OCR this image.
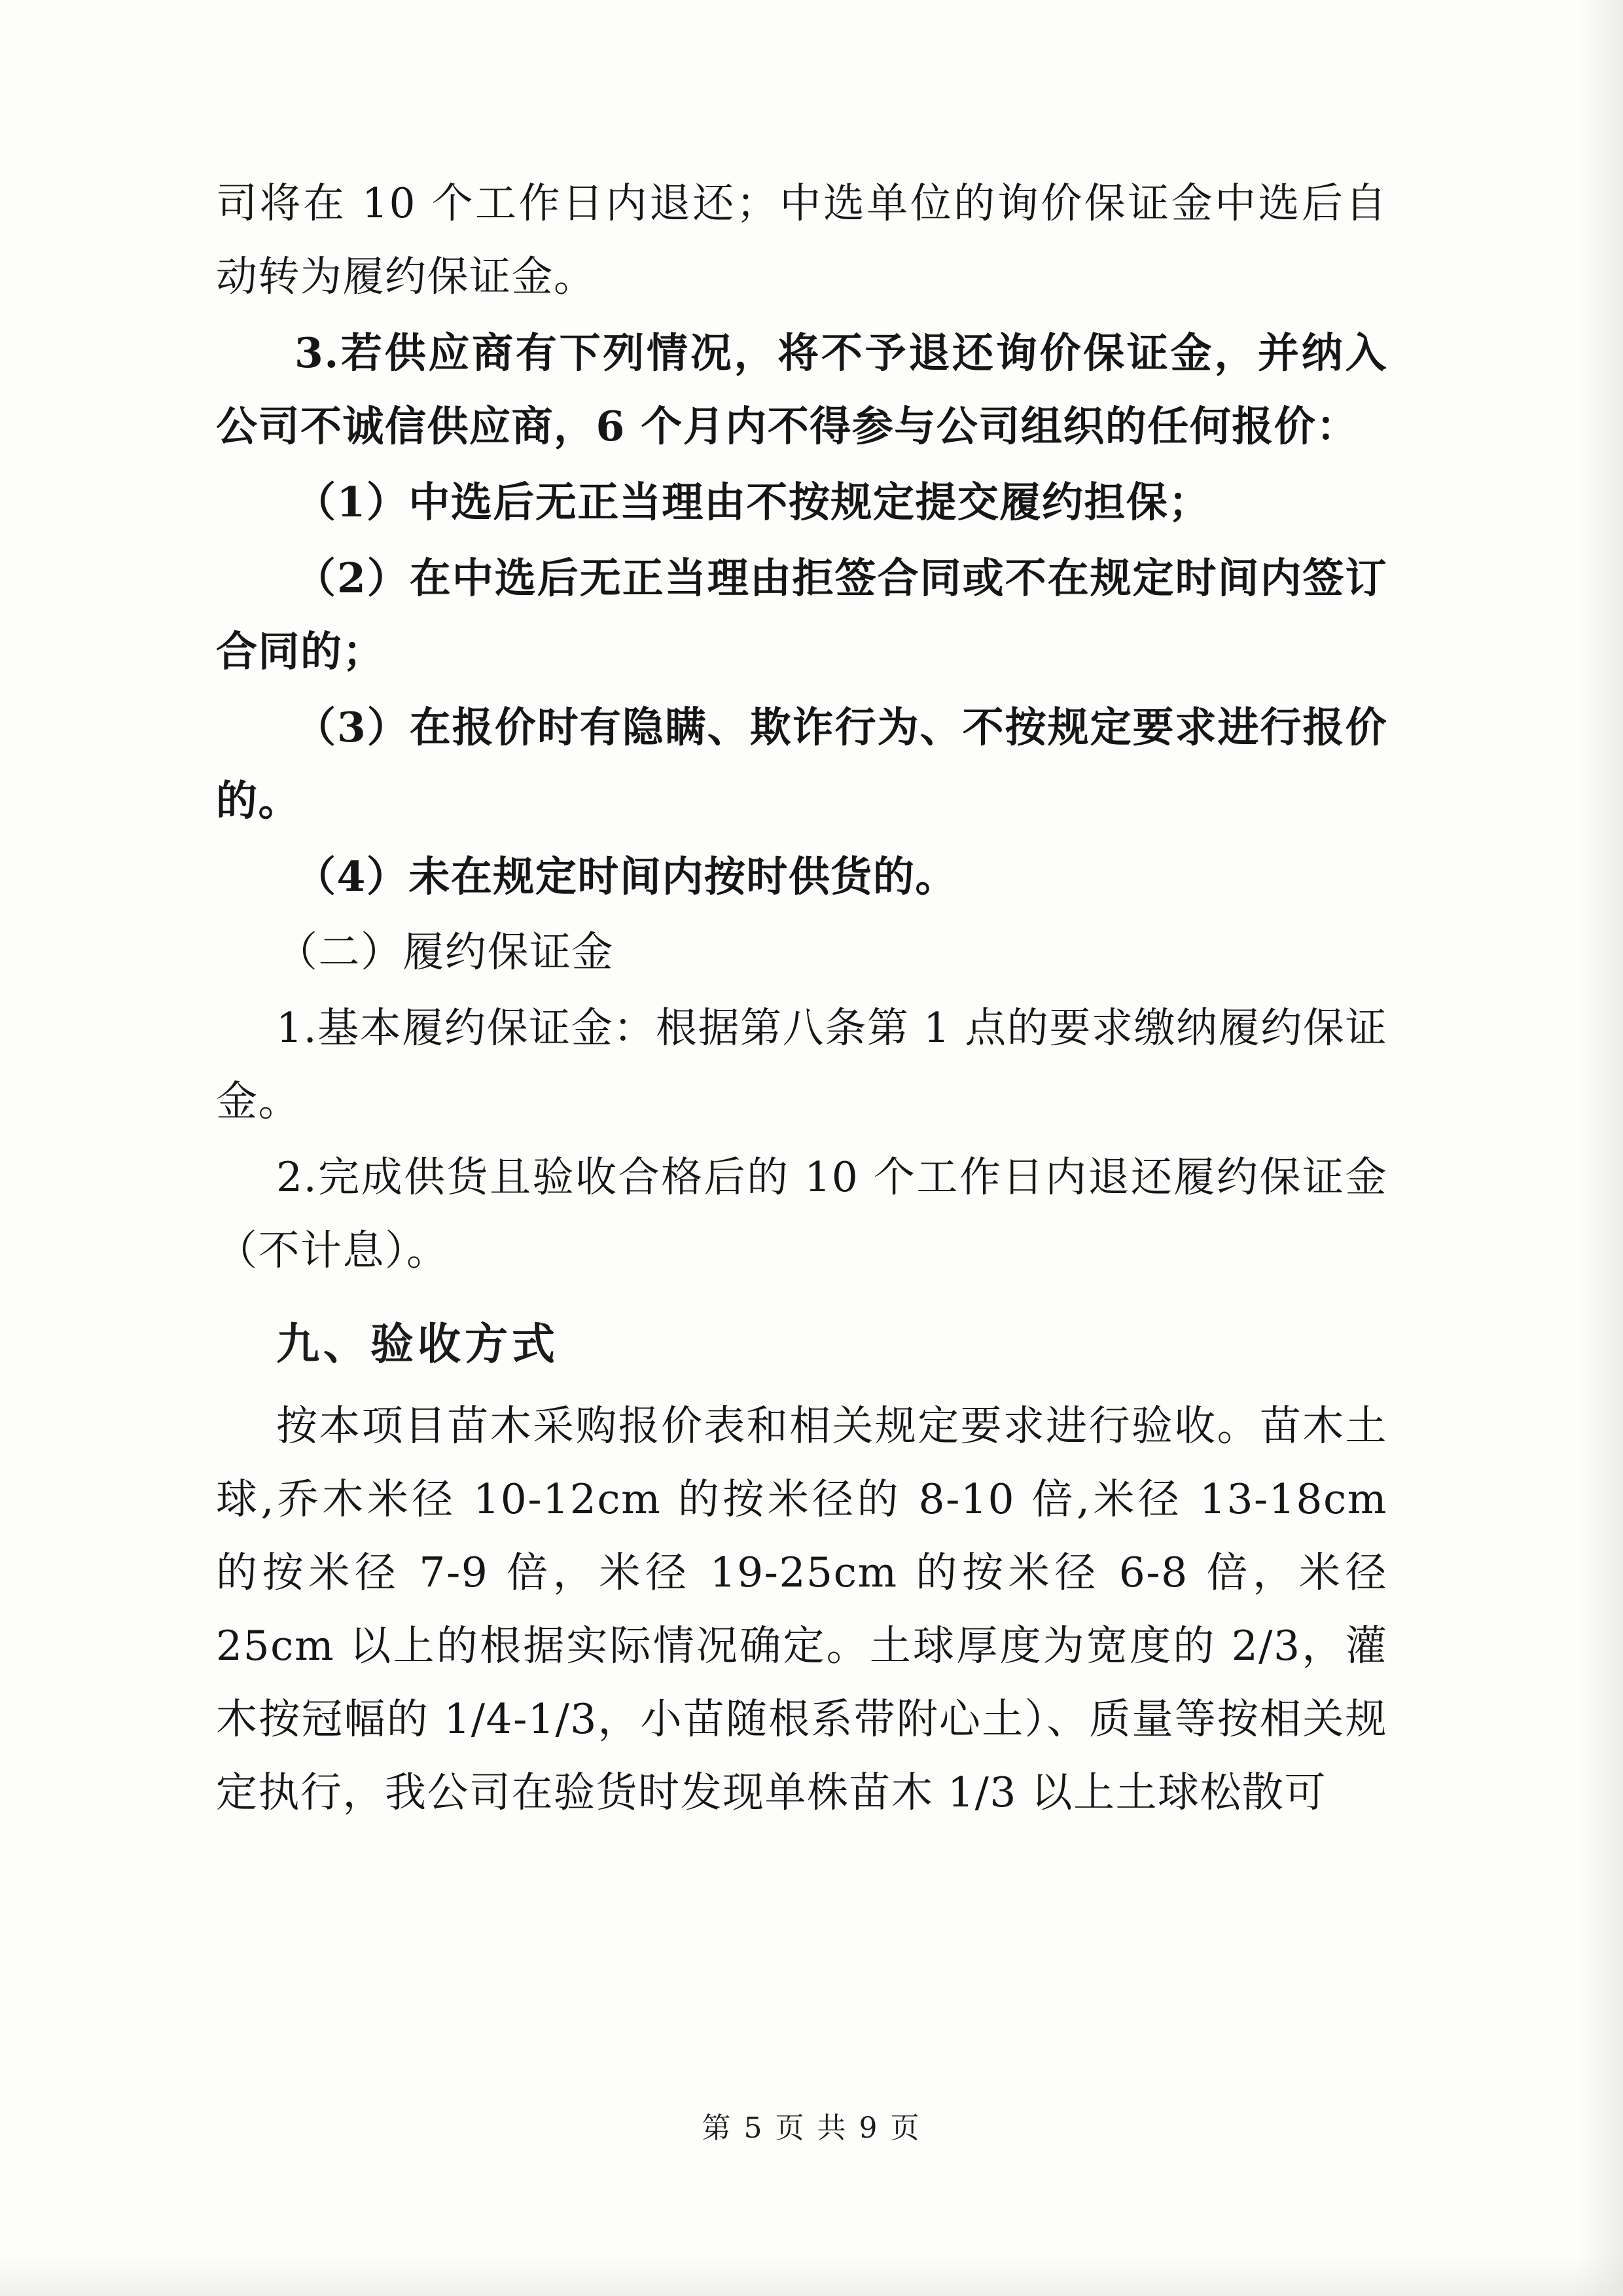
司将在 10 个工作日内退还；中选单位的询价保证金中选后自动转为履约保证金。

3.若供应商有下列情况，将不予退还询价保证金，并纳入公司不诚信供应商，6 个月内不得参与公司组织的任何报价：

（1）中选后无正当理由不按规定提交履约担保；

（2）在中选后无正当理由拒签合同或不在规定时间内签订合同的；

（3）在报价时有隐瞒、欺诈行为、不按规定要求进行报价的。

（4）未在规定时间内按时供货的。

（二）履约保证金

1.基本履约保证金：根据第八条第 1 点的要求缴纳履约保证金。

2.完成供货且验收合格后的 10 个工作日内退还履约保证金（不计息）。

九、验收方式

按本项目苗木采购报价表和相关规定要求进行验收。苗木土球,乔木米径 10-12cm 的按米径的 8-10 倍,米径 13-18cm 的按米径 7-9 倍，米径 19-25cm 的按米径 6-8 倍，米径 25cm 以上的根据实际情况确定。土球厚度为宽度的 2/3，灌木按冠幅的 1/4-1/3，小苗随根系带附心土）、质量等按相关规定执行，我公司在验货时发现单株苗木 1/3 以上土球松散可

第 5 页 共 9 页
